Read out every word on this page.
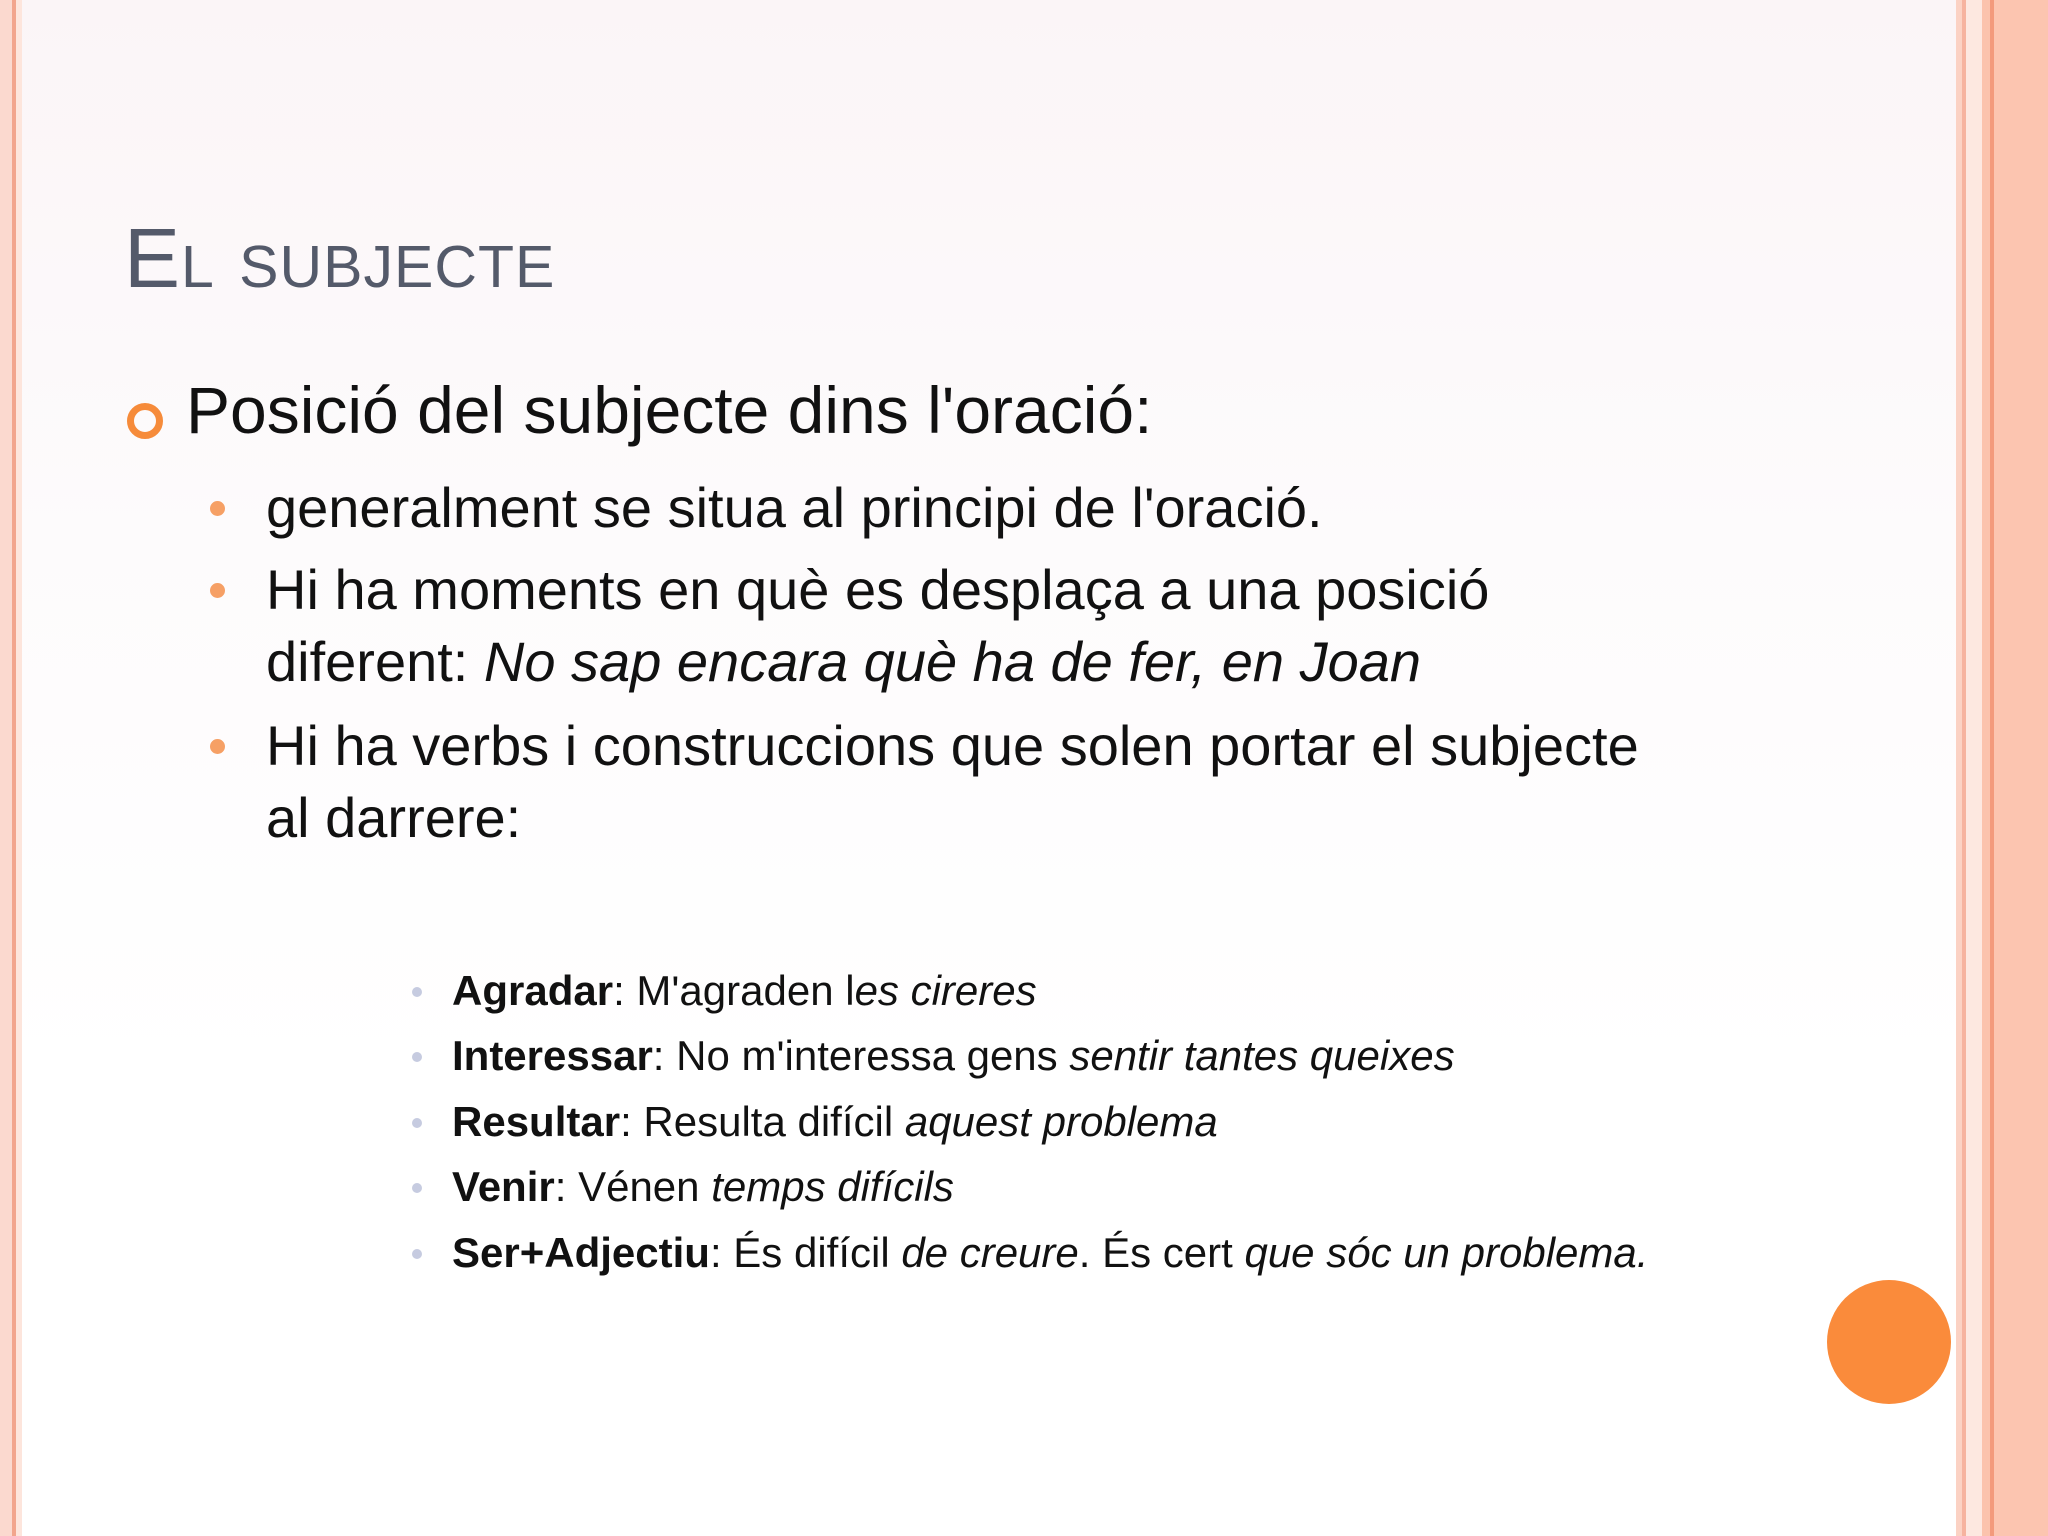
El subjecte
Posició del subjecte dins l'oració:
generalment se situa al principi de l'oració.
Hi ha moments en què es desplaça a una posició
diferent: No sap encara què ha de fer, en Joan
Hi ha verbs i construccions que solen portar el subjecte
al darrere:
Agradar: M'agraden les cireres
Interessar: No m'interessa gens sentir tantes queixes
Resultar: Resulta difícil aquest problema
Venir: Vénen temps difícils
Ser+Adjectiu: És difícil de creure. És cert que sóc un problema.
